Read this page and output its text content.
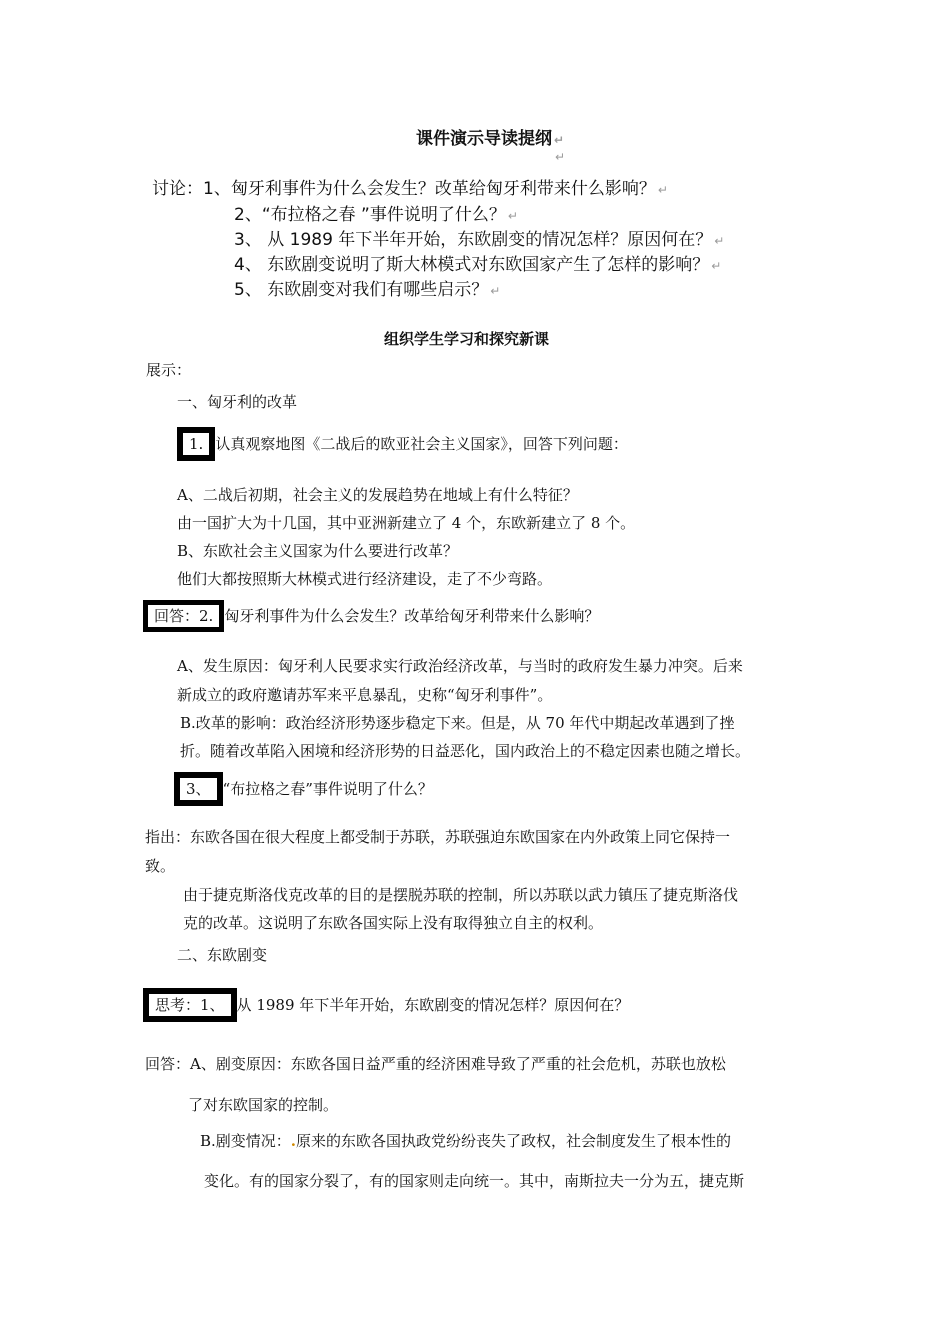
课件演示导读提纲 ↵
↵
讨论：1、匈牙利事件为什么会发生？改革给匈牙利带来什么影响？ ↵
2、“布拉格之春 ”事件说明了什么？ ↵
3、 从 1989 年下半年开始，东欧剧变的情况怎样？原因何在？ ↵
4、 东欧剧变说明了斯大林模式对东欧国家产生了怎样的影响？ ↵
5、 东欧剧变对我们有哪些启示？ ↵
组织学生学习和探究新课
展示：
一、匈牙利的改革
1. 认真观察地图《二战后的欧亚社会主义国家》，回答下列问题：
A、二战后初期，社会主义的发展趋势在地域上有什么特征？
由一国扩大为十几国，其中亚洲新建立了 4 个，东欧新建立了 8 个。
B、东欧社会主义国家为什么要进行改革？
他们大都按照斯大林模式进行经济建设，走了不少弯路。
回答：2. 匈牙利事件为什么会发生？改革给匈牙利带来什么影响？
A、发生原因：匈牙利人民要求实行政治经济改革，与当时的政府发生暴力冲突。后来
新成立的政府邀请苏军来平息暴乱，史称“匈牙利事件”。
B.改革的影响：政治经济形势逐步稳定下来。但是，从 70 年代中期起改革遇到了挫
折。随着改革陷入困境和经济形势的日益恶化，国内政治上的不稳定因素也随之增长。
3、 “布拉格之春”事件说明了什么？
指出：东欧各国在很大程度上都受制于苏联，苏联强迫东欧国家在内外政策上同它保持一
致。
由于捷克斯洛伐克改革的目的是摆脱苏联的控制，所以苏联以武力镇压了捷克斯洛伐
克的改革。这说明了东欧各国实际上没有取得独立自主的权利。
二、东欧剧变
思考：1、 从 1989 年下半年开始，东欧剧变的情况怎样？原因何在？
回答：A、剧变原因：东欧各国日益严重的经济困难导致了严重的社会危机，苏联也放松
了对东欧国家的控制。
B.剧变情况：.原来的东欧各国执政党纷纷丧失了政权，社会制度发生了根本性的
变化。有的国家分裂了，有的国家则走向统一。其中，南斯拉夫一分为五，捷克斯
